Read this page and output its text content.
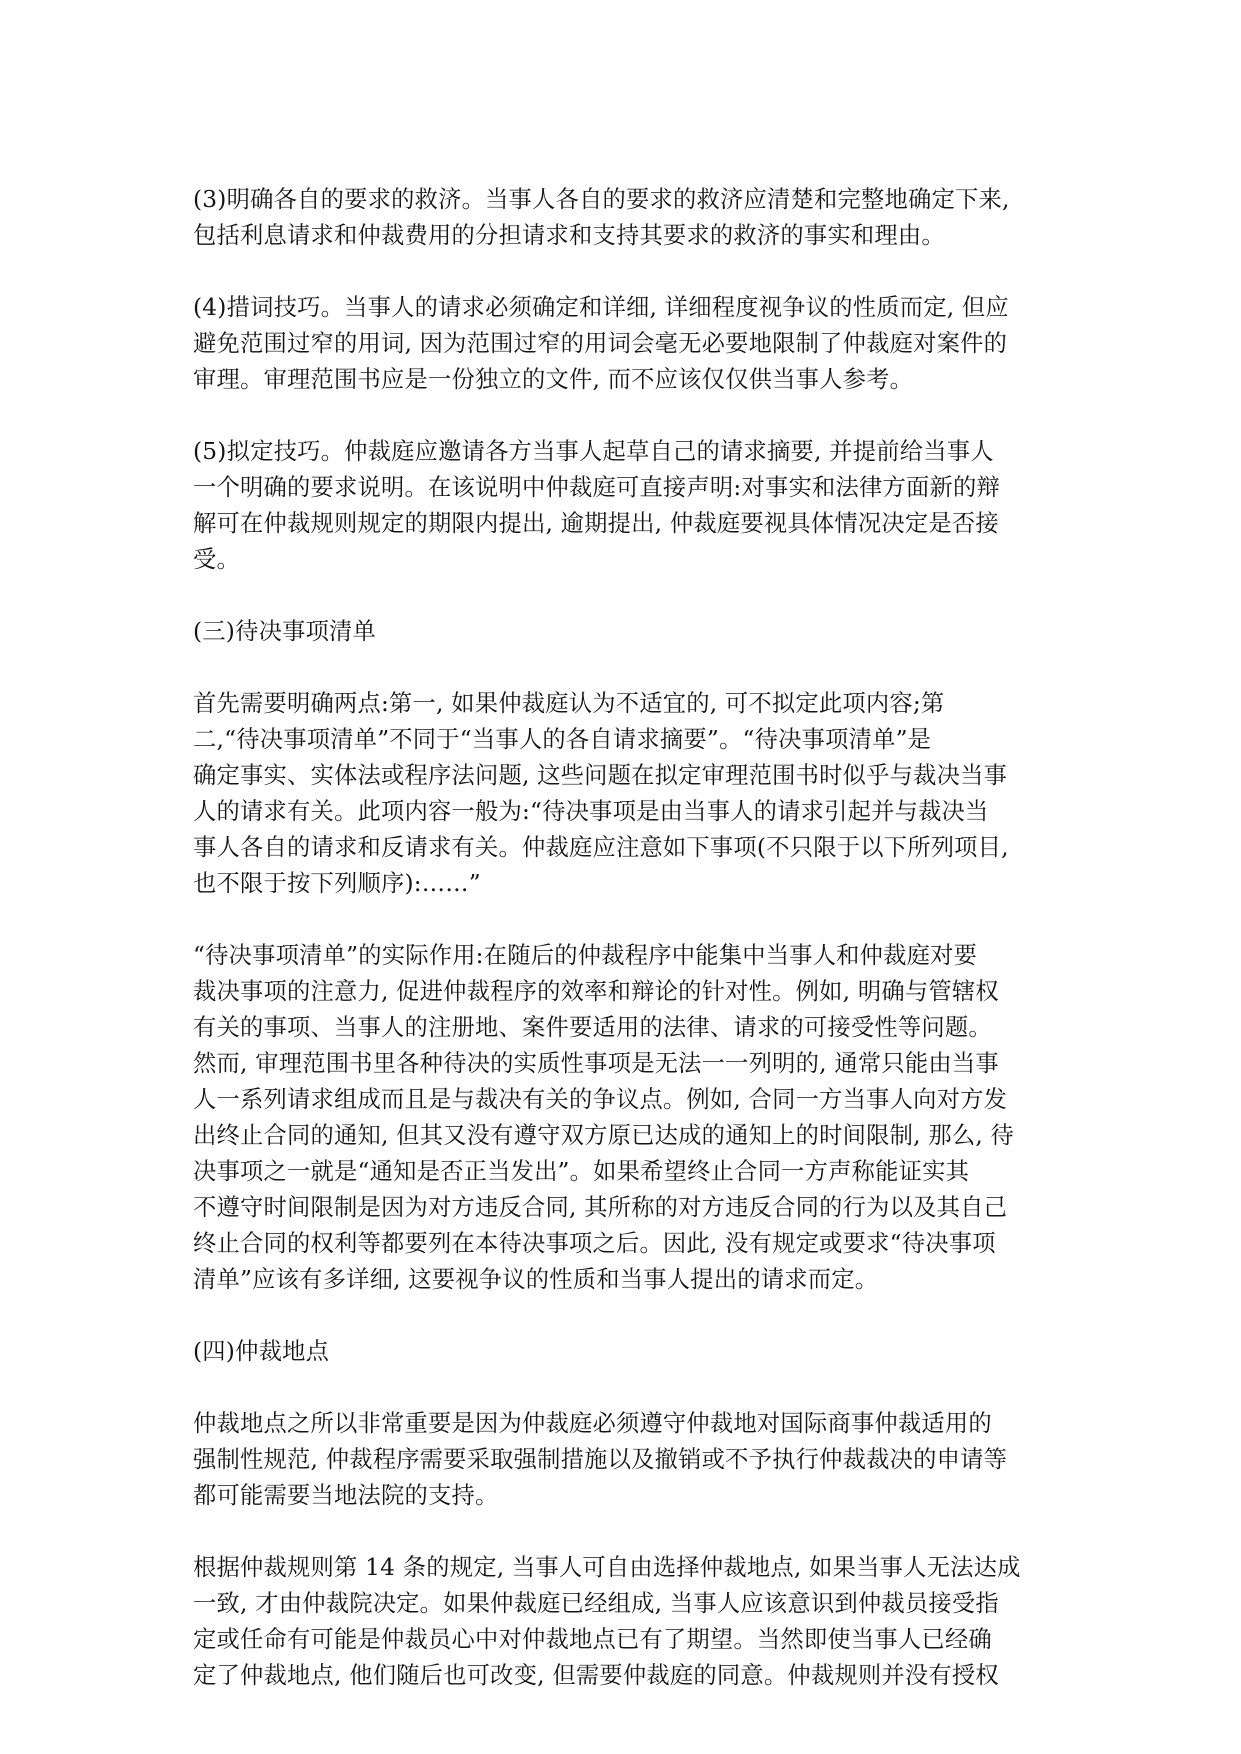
(3)明确各自的要求的救济。当事人各自的要求的救济应清楚和完整地确定下来,
包括利息请求和仲裁费用的分担请求和支持其要求的救济的事实和理由。
(4)措词技巧。当事人的请求必须确定和详细, 详细程度视争议的性质而定, 但应
避免范围过窄的用词, 因为范围过窄的用词会毫无必要地限制了仲裁庭对案件的
审理。审理范围书应是一份独立的文件, 而不应该仅仅供当事人参考。
(5)拟定技巧。仲裁庭应邀请各方当事人起草自己的请求摘要, 并提前给当事人
一个明确的要求说明。在该说明中仲裁庭可直接声明:对事实和法律方面新的辩
解可在仲裁规则规定的期限内提出, 逾期提出, 仲裁庭要视具体情况决定是否接
受。
(三)待决事项清单
首先需要明确两点:第一, 如果仲裁庭认为不适宜的, 可不拟定此项内容;第
二,“待决事项清单”不同于“当事人的各自请求摘要”。“待决事项清单”是
确定事实、实体法或程序法问题, 这些问题在拟定审理范围书时似乎与裁决当事
人的请求有关。此项内容一般为:“待决事项是由当事人的请求引起并与裁决当
事人各自的请求和反请求有关。仲裁庭应注意如下事项(不只限于以下所列项目,
也不限于按下列顺序):……”
“待决事项清单”的实际作用:在随后的仲裁程序中能集中当事人和仲裁庭对要
裁决事项的注意力, 促进仲裁程序的效率和辩论的针对性。例如, 明确与管辖权
有关的事项、当事人的注册地、案件要适用的法律、请求的可接受性等问题。
然而, 审理范围书里各种待决的实质性事项是无法一一列明的, 通常只能由当事
人一系列请求组成而且是与裁决有关的争议点。例如, 合同一方当事人向对方发
出终止合同的通知, 但其又没有遵守双方原已达成的通知上的时间限制, 那么, 待
决事项之一就是“通知是否正当发出”。如果希望终止合同一方声称能证实其
不遵守时间限制是因为对方违反合同, 其所称的对方违反合同的行为以及其自己
终止合同的权利等都要列在本待决事项之后。因此, 没有规定或要求“待决事项
清单”应该有多详细, 这要视争议的性质和当事人提出的请求而定。
(四)仲裁地点
仲裁地点之所以非常重要是因为仲裁庭必须遵守仲裁地对国际商事仲裁适用的
强制性规范, 仲裁程序需要采取强制措施以及撤销或不予执行仲裁裁决的申请等
都可能需要当地法院的支持。
根据仲裁规则第 14 条的规定, 当事人可自由选择仲裁地点, 如果当事人无法达成
一致, 才由仲裁院决定。如果仲裁庭已经组成, 当事人应该意识到仲裁员接受指
定或任命有可能是仲裁员心中对仲裁地点已有了期望。当然即使当事人已经确
定了仲裁地点, 他们随后也可改变, 但需要仲裁庭的同意。仲裁规则并没有授权
